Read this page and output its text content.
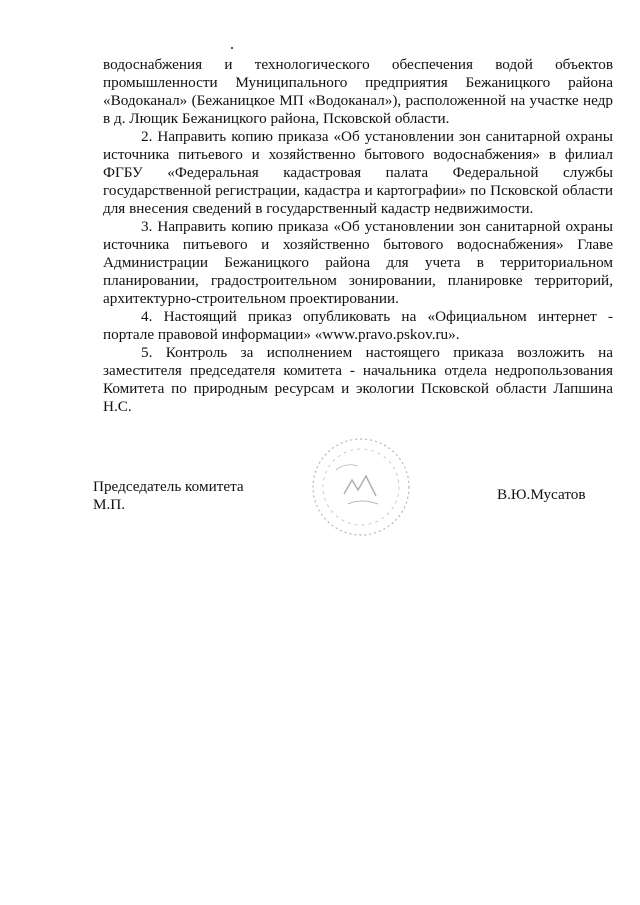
водоснабжения и технологического обеспечения водой объектов промышленности Муниципального предприятия Бежаницкого района «Водоканал» (Бежаницкое МП «Водоканал»), расположенной на участке недр в д. Лющик Бежаницкого района, Псковской области.

2. Направить копию приказа «Об установлении зон санитарной охраны источника питьевого и хозяйственно бытового водоснабжения» в филиал ФГБУ «Федеральная кадастровая палата Федеральной службы государственной регистрации, кадастра и картографии» по Псковской области для внесения сведений в государственный кадастр недвижимости.

3. Направить копию приказа «Об установлении зон санитарной охраны источника питьевого и хозяйственно бытового водоснабжения» Главе Администрации Бежаницкого района для учета в территориальном планировании, градостроительном зонировании, планировке территорий, архитектурно-строительном проектировании.

4. Настоящий приказ опубликовать на «Официальном интернет - портале правовой информации» «www.pravo.pskov.ru».

5. Контроль за исполнением настоящего приказа возложить на заместителя председателя комитета - начальника отдела недропользования Комитета по природным ресурсам и экологии Псковской области Лапшина Н.С.

Председатель комитета
М.П.
В.Ю.Мусатов
